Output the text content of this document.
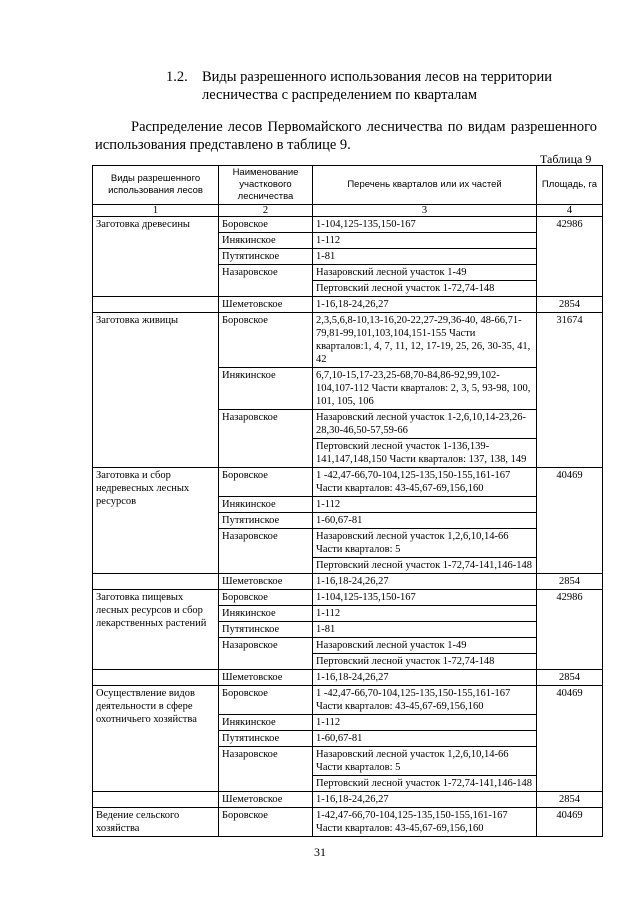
1.2. Виды разрешенного использования лесов на территории
лесничества с распределением по кварталам
Распределение лесов Первомайского лесничества по видам разрешенного использования представлено в таблице 9.
Таблица 9
Виды разрешенного использования лесов	Наименование участкового лесничества	Перечень кварталов или их частей	Площадь, га
1	2	3	4
Заготовка древесины	Боровское	1-104,125-135,150-167	42986
	Инякинское	1-112	
	Путятинское	1-81	
	Назаровское	Назаровский лесной участок 1-49	
		Пертовский лесной участок 1-72,74-148	
	Шеметовское	1-16,18-24,26,27	2854
Заготовка живицы	Боровское	2,3,5,6,8-10,13-16,20-22,27-29,36-40, 48-66,71-79,81-99,101,103,104,151-155 Части кварталов:1, 4, 7, 11, 12, 17-19, 25, 26, 30-35, 41, 42	31674
	Инякинское	6,7,10-15,17-23,25-68,70-84,86-92,99,102-104,107-112 Части кварталов: 2, 3, 5, 93-98, 100, 101, 105, 106	
	Назаровское	Назаровский лесной участок 1-2,6,10,14-23,26-28,30-46,50-57,59-66	
		Пертовский лесной участок 1-136,139-141,147,148,150 Части кварталов: 137, 138, 149	
Заготовка и сбор недревесных лесных ресурсов	Боровское	1 -42,47-66,70-104,125-135,150-155,161-167 Части кварталов: 43-45,67-69,156,160	40469
	Инякинское	1-112	
	Путятинское	1-60,67-81	
	Назаровское	Назаровский лесной участок 1,2,6,10,14-66 Части кварталов: 5	
		Пертовский лесной участок 1-72,74-141,146-148	
	Шеметовское	1-16,18-24,26,27	2854
Заготовка пищевых лесных ресурсов и сбор лекарственных растений	Боровское	1-104,125-135,150-167	42986
	Инякинское	1-112	
	Путятинское	1-81	
	Назаровское	Назаровский лесной участок 1-49	
		Пертовский лесной участок 1-72,74-148	
	Шеметовское	1-16,18-24,26,27	2854
Осуществление видов деятельности в сфере охотничьего хозяйства	Боровское	1 -42,47-66,70-104,125-135,150-155,161-167 Части кварталов: 43-45,67-69,156,160	40469
	Инякинское	1-112	
	Путятинское	1-60,67-81	
	Назаровское	Назаровский лесной участок 1,2,6,10,14-66 Части кварталов: 5	
		Пертовский лесной участок 1-72,74-141,146-148	
	Шеметовское	1-16,18-24,26,27	2854
Ведение сельского хозяйства	Боровское	1-42,47-66,70-104,125-135,150-155,161-167 Части кварталов: 43-45,67-69,156,160	40469
31
